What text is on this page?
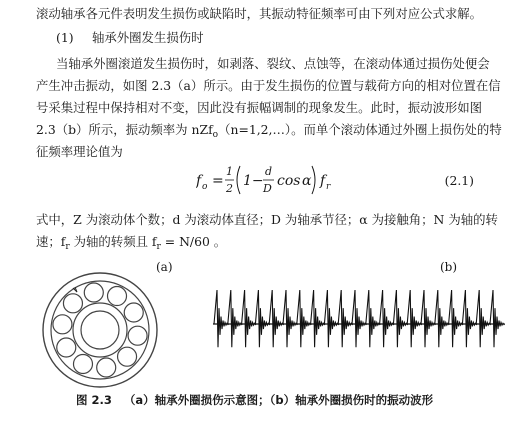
滚动轴承各元件表明发生损伤或缺陷时，其振动特征频率可由下列对应公式求解。
(1) 轴承外圈发生损伤时
当轴承外圈滚道发生损伤时，如剥落、裂纹、点蚀等，在滚动体通过损伤处便会
产生冲击振动，如图 2.3（a）所示。由于发生损伤的位置与载荷方向的相对位置在信
号采集过程中保持相对不变，因此没有振幅调制的现象发生。此时，振动波形如图
2.3（b）所示，振动频率为 nZf$_o$（n=1,2,…）。而单个滚动体通过外圈上损伤处的特
征频率理论值为
f o =
1
2 1−
d
D cos α f r	(2.1)
式中，Z 为滚动体个数；d 为滚动体直径；D 为轴承节径；α 为接触角；N 为轴的转
速；$f_r$ 为轴的转频且 $f_r = N/60$ 。
(a)	(b)
图 2.3 （a）轴承外圈损伤示意图；（b）轴承外圈损伤时的振动波形
